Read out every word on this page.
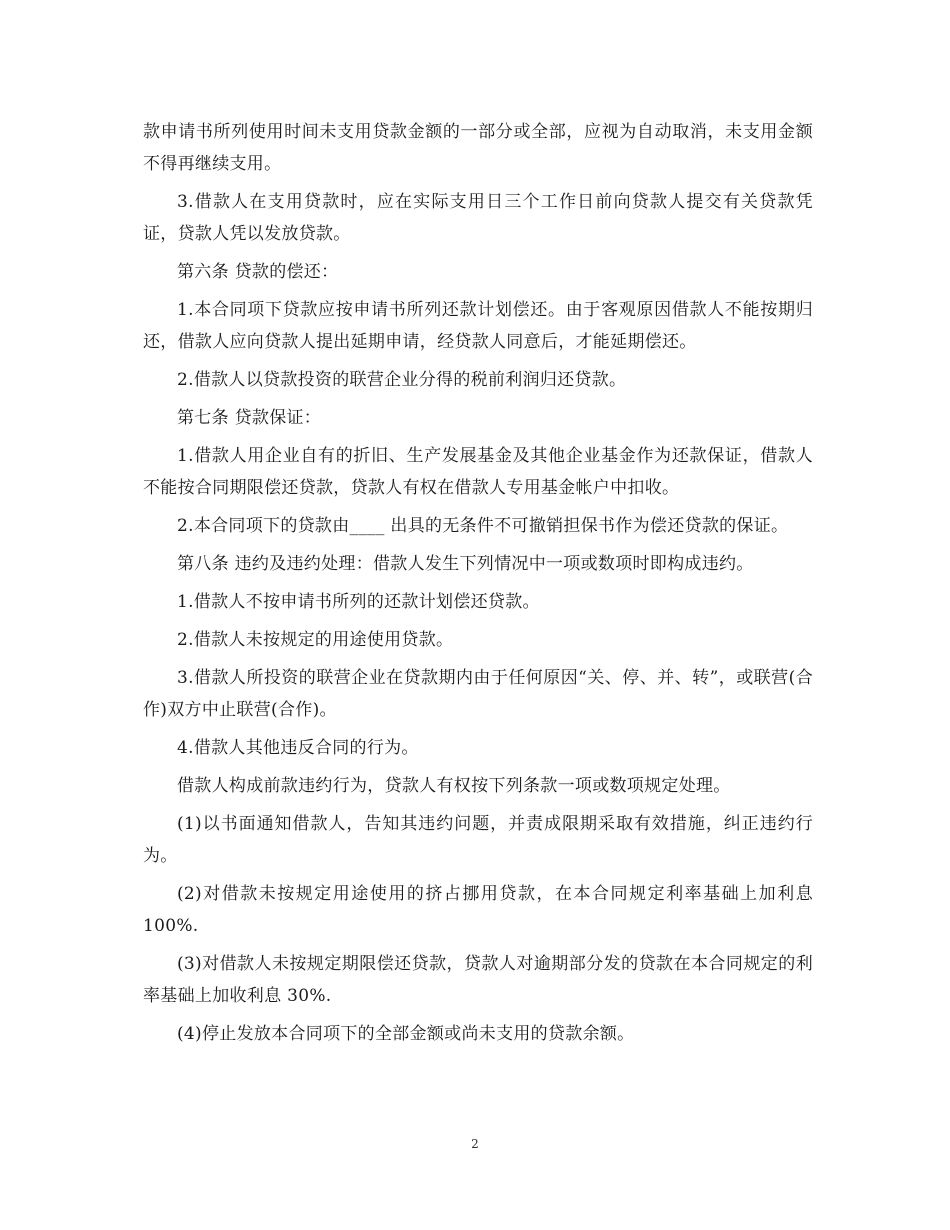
款申请书所列使用时间未支用贷款金额的一部分或全部，应视为自动取消，未支用金额不得再继续支用。

3.借款人在支用贷款时，应在实际支用日三个工作日前向贷款人提交有关贷款凭证，贷款人凭以发放贷款。

第六条 贷款的偿还：

1.本合同项下贷款应按申请书所列还款计划偿还。由于客观原因借款人不能按期归还，借款人应向贷款人提出延期申请，经贷款人同意后，才能延期偿还。

2.借款人以贷款投资的联营企业分得的税前利润归还贷款。

第七条 贷款保证：

1.借款人用企业自有的折旧、生产发展基金及其他企业基金作为还款保证，借款人不能按合同期限偿还贷款，贷款人有权在借款人专用基金帐户中扣收。

2.本合同项下的贷款由____ 出具的无条件不可撤销担保书作为偿还贷款的保证。

第八条 违约及违约处理：借款人发生下列情况中一项或数项时即构成违约。

1.借款人不按申请书所列的还款计划偿还贷款。

2.借款人未按规定的用途使用贷款。

3.借款人所投资的联营企业在贷款期内由于任何原因“关、停、并、转”，或联营(合作)双方中止联营(合作)。

4.借款人其他违反合同的行为。

借款人构成前款违约行为，贷款人有权按下列条款一项或数项规定处理。

(1)以书面通知借款人，告知其违约问题，并责成限期采取有效措施，纠正违约行为。

(2)对借款未按规定用途使用的挤占挪用贷款，在本合同规定利率基础上加利息 100%.

(3)对借款人未按规定期限偿还贷款，贷款人对逾期部分发的贷款在本合同规定的利率基础上加收利息 30%.

(4)停止发放本合同项下的全部金额或尚未支用的贷款余额。

2
